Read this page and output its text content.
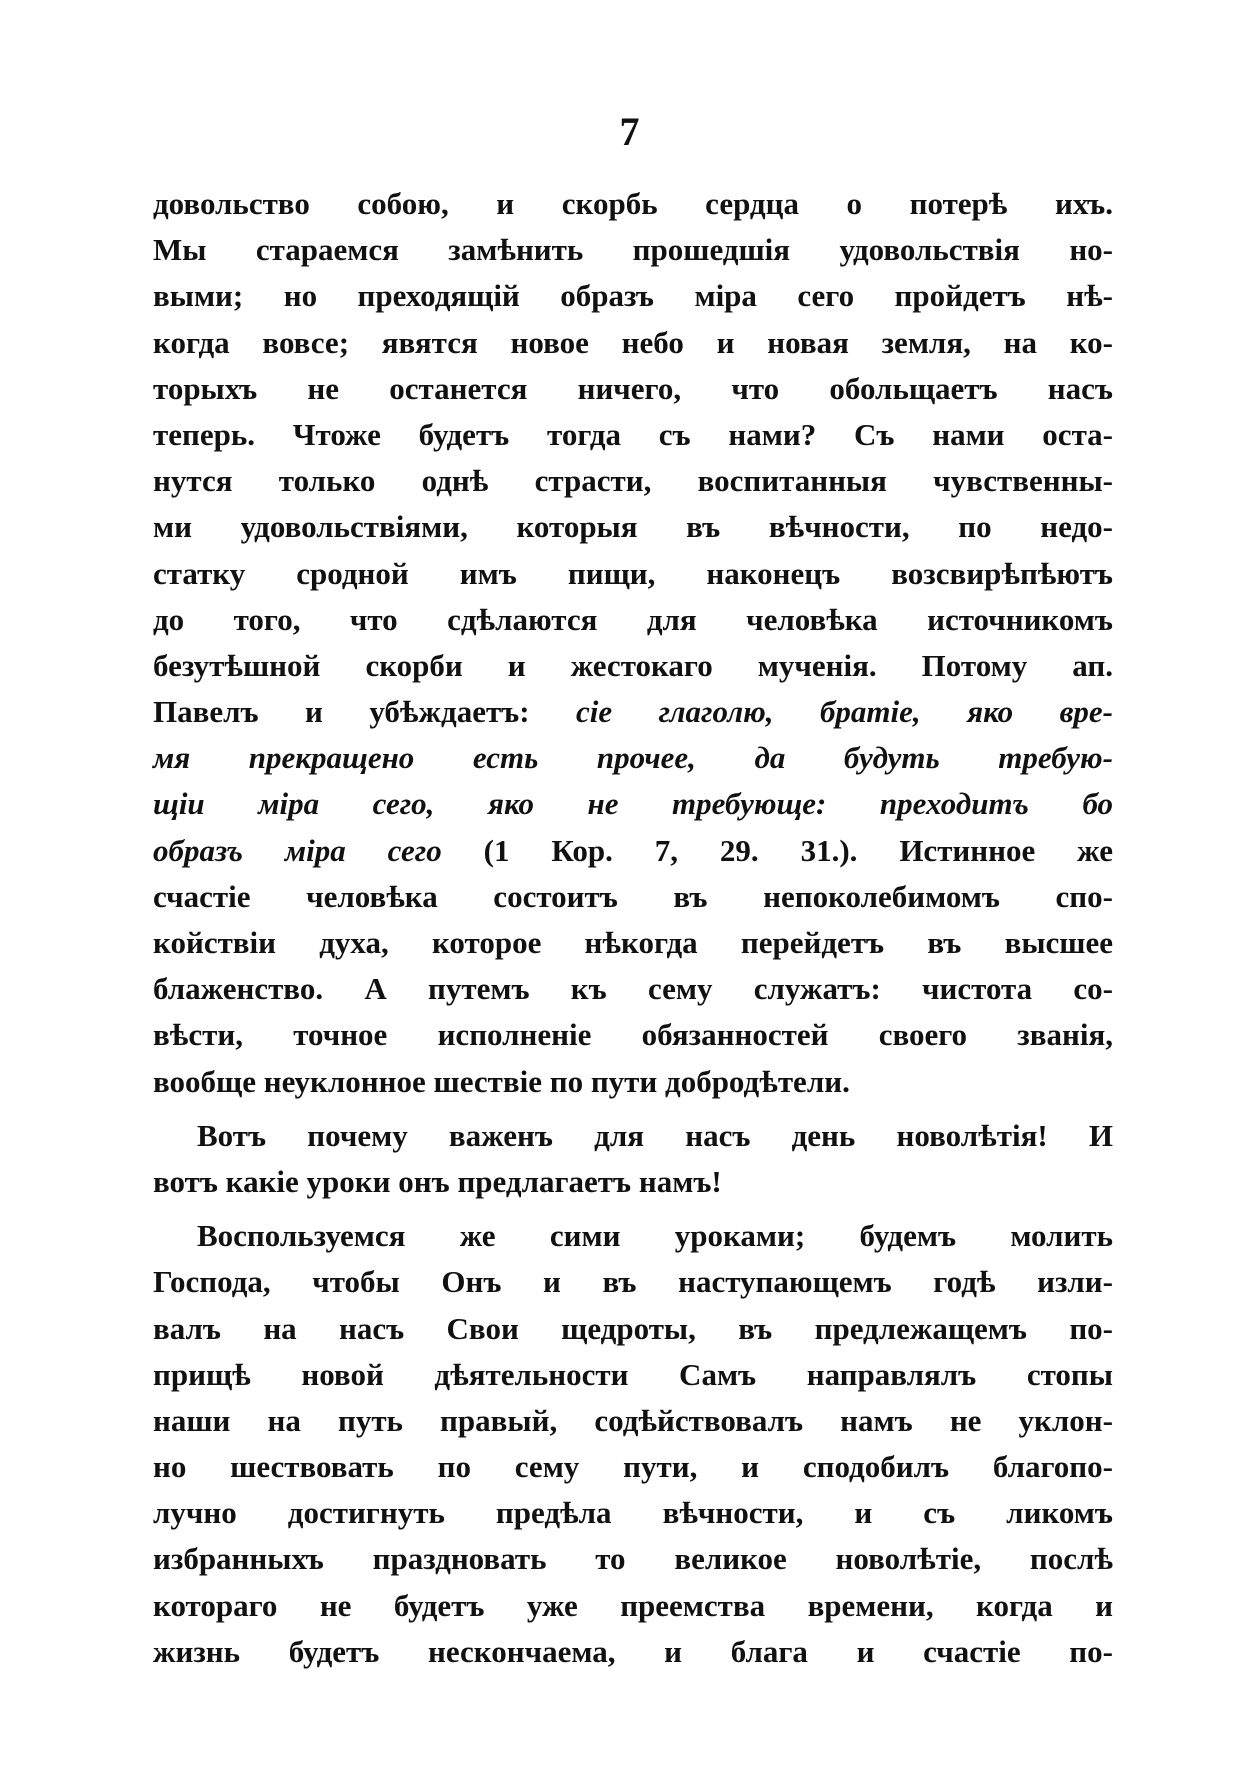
7
довольство собою, и скорбь сердца о потерѣ ихъ.
Мы стараемся замѣнить прошедшія удовольствія но-
выми; но преходящій образъ міра сего пройдетъ нѣ-
когда вовсе; явятся новое небо и новая земля, на ко-
торыхъ не останется ничего, что обольщаетъ насъ
теперь. Чтоже будетъ тогда съ нами? Съ нами оста-
нутся только однѣ страсти, воспитанныя чувственны-
ми удовольствіями, которыя въ вѣчности, по недо-
статку сродной имъ пищи, наконецъ возсвирѣпѣютъ
до того, что сдѣлаются для человѣка источникомъ
безутѣшной скорби и жестокаго мученія. Потому ап.
Павелъ и убѣждаетъ: сіе глаголю, братіе, яко вре-
мя прекращено есть прочее, да будуть требую-
щіи міра сего, яко не требующе: преходитъ бо
образъ міра сего (1 Кор. 7, 29. 31.). Истинное же
счастіе человѣка состоитъ въ непоколебимомъ спо-
койствіи духа, которое нѣкогда перейдетъ въ высшее
блаженство. А путемъ къ сему служатъ: чистота со-
вѣсти, точное исполненіе обязанностей своего званія,
вообще неуклонное шествіе по пути добродѣтели.
Вотъ почему важенъ для насъ день новолѣтія! И
вотъ какіе уроки онъ предлагаетъ намъ!
Воспользуемся же сими уроками; будемъ молить
Господа, чтобы Онъ и въ наступающемъ годѣ изли-
валъ на насъ Свои щедроты, въ предлежащемъ по-
прищѣ новой дѣятельности Самъ направлялъ стопы
наши на путь правый, содѣйствовалъ намъ не уклон-
но шествовать по сему пути, и сподобилъ благопо-
лучно достигнуть предѣла вѣчности, и съ ликомъ
избранныхъ праздновать то великое новолѣтіе, послѣ
котораго не будетъ уже преемства времени, когда и
жизнь будетъ нескончаема, и блага и счастіе по-
